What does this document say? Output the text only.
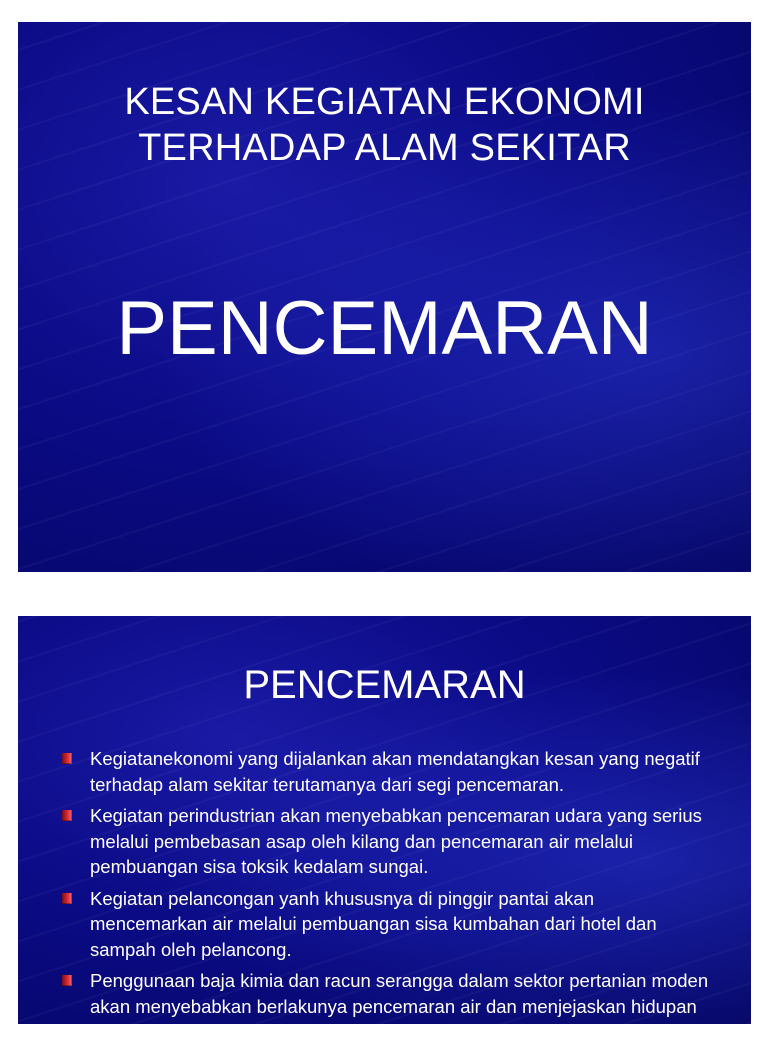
KESAN KEGIATAN EKONOMI

TERHADAP ALAM SEKITAR

PENCEMARAN
PENCEMARAN
Kegiatanekonomi yang dijalankan akan mendatangkan kesan yang negatif terhadap alam sekitar terutamanya dari segi pencemaran.
Kegiatan perindustrian akan menyebabkan pencemaran udara yang serius melalui pembebasan asap oleh kilang dan pencemaran air melalui pembuangan sisa toksik kedalam sungai.
Kegiatan pelancongan yanh khususnya di pinggir pantai akan mencemarkan air melalui pembuangan sisa kumbahan dari hotel dan sampah oleh pelancong.
Penggunaan baja kimia dan racun serangga dalam sektor pertanian moden akan menyebabkan berlakunya pencemaran air dan menjejaskan hidupan akuatik.
